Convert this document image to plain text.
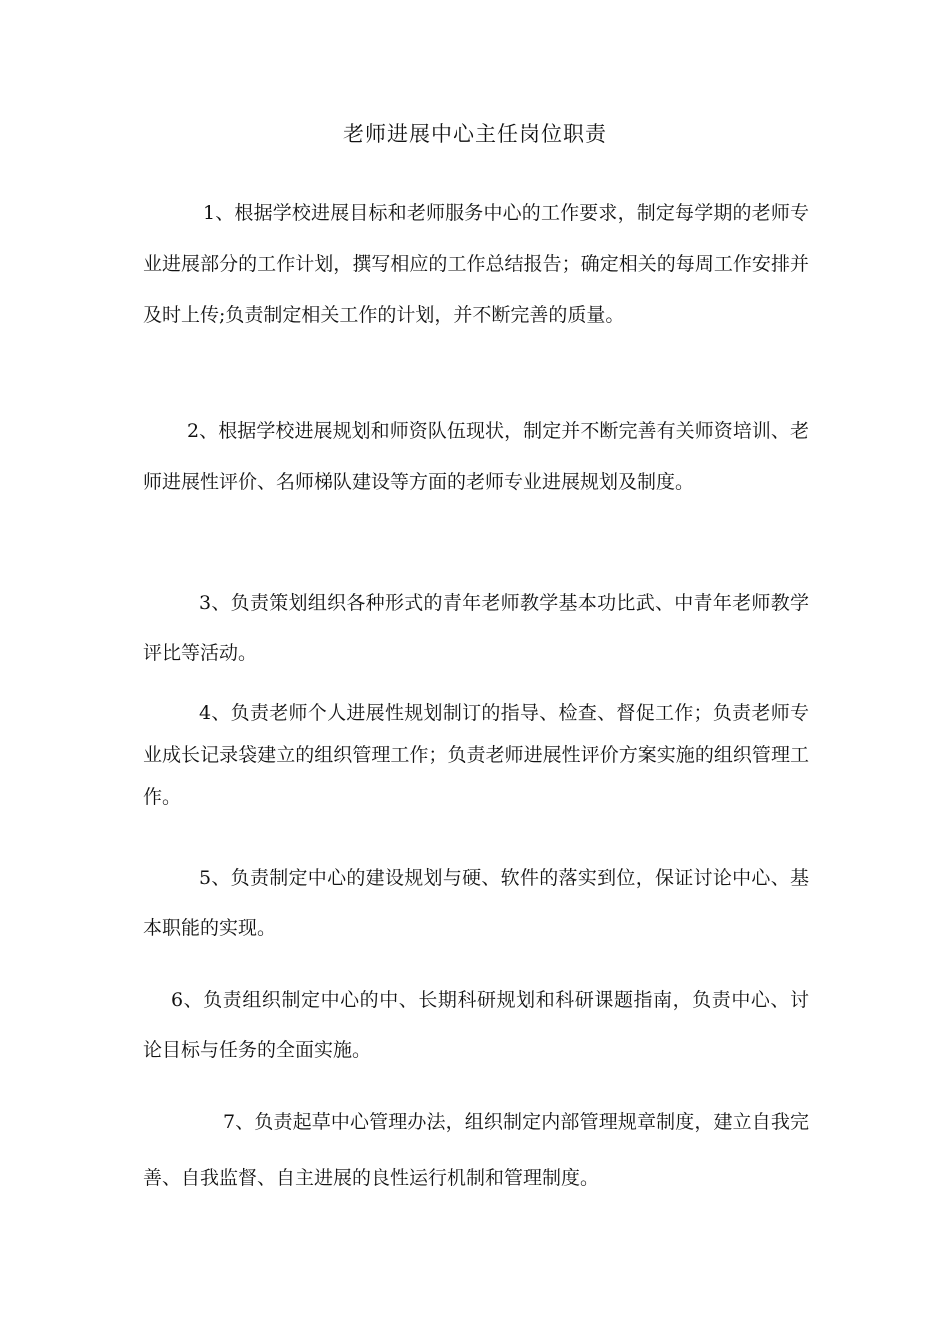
老师进展中心主任岗位职责

1、根据学校进展目标和老师服务中心的工作要求，制定每学期的老师专业进展部分的工作计划，撰写相应的工作总结报告；确定相关的每周工作安排并及时上传;负责制定相关工作的计划，并不断完善的质量。

2、根据学校进展规划和师资队伍现状，制定并不断完善有关师资培训、老师进展性评价、名师梯队建设等方面的老师专业进展规划及制度。

3、负责策划组织各种形式的青年老师教学基本功比武、中青年老师教学评比等活动。

4、负责老师个人进展性规划制订的指导、检查、督促工作；负责老师专业成长记录袋建立的组织管理工作；负责老师进展性评价方案实施的组织管理工作。

5、负责制定中心的建设规划与硬、软件的落实到位，保证讨论中心、基本职能的实现。

6、负责组织制定中心的中、长期科研规划和科研课题指南，负责中心、讨论目标与任务的全面实施。

7、负责起草中心管理办法，组织制定内部管理规章制度，建立自我完善、自我监督、自主进展的良性运行机制和管理制度。
